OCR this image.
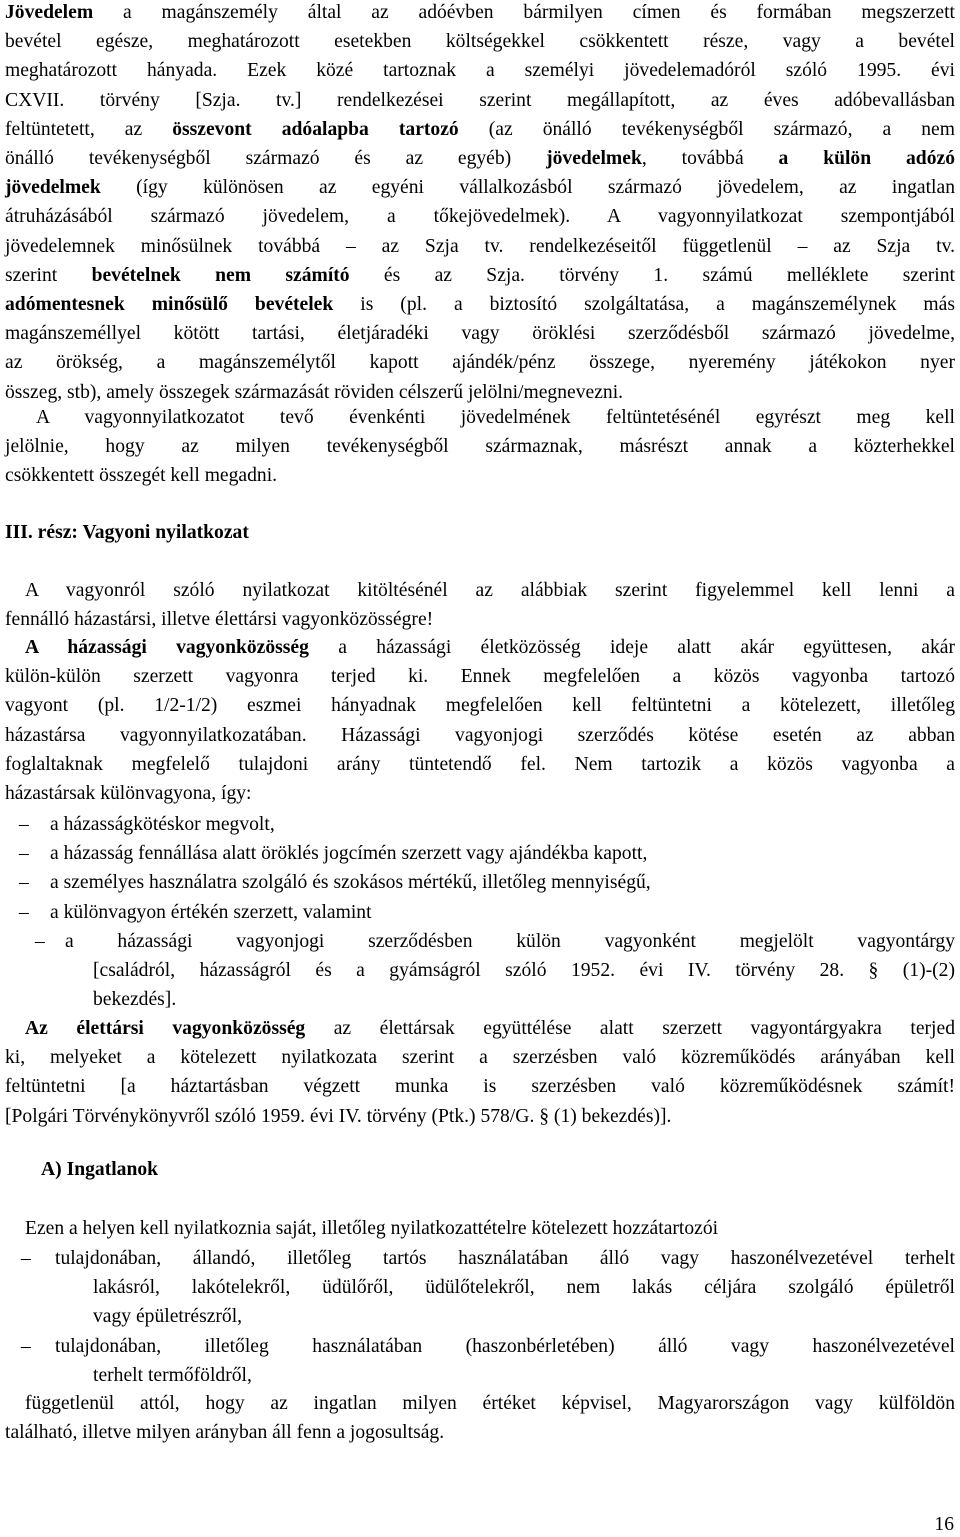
Jövedelem a magánszemély által az adóévben bármilyen címen és formában megszerzett
bevétel egésze, meghatározott esetekben költségekkel csökkentett része, vagy a bevétel
meghatározott hányada. Ezek közé tartoznak a személyi jövedelemadóról szóló 1995. évi
CXVII. törvény [Szja. tv.] rendelkezései szerint megállapított, az éves adóbevallásban
feltüntetett, az összevont adóalapba tartozó (az önálló tevékenységből származó, a nem
önálló tevékenységből származó és az egyéb) jövedelmek, továbbá a külön adózó
jövedelmek (így különösen az egyéni vállalkozásból származó jövedelem, az ingatlan
átruházásából származó jövedelem, a tőkejövedelmek). A vagyonnyilatkozat szempontjából
jövedelemnek minősülnek továbbá – az Szja tv. rendelkezéseitől függetlenül – az Szja tv.
szerint bevételnek nem számító és az Szja. törvény 1. számú melléklete szerint
adómentesnek minősülő bevételek is (pl. a biztosító szolgáltatása, a magánszemélynek más
magánszeméllyel kötött tartási, életjáradéki vagy öröklési szerződésből származó jövedelme,
az örökség, a magánszemélytől kapott ajándék/pénz összege, nyeremény játékokon nyer
összeg, stb), amely összegek származását röviden célszerű jelölni/megnevezni.
A vagyonnyilatkozatot tevő évenkénti jövedelmének feltüntetésénél egyrészt meg kell
jelölnie, hogy az milyen tevékenységből származnak, másrészt annak a közterhekkel
csökkentett összegét kell megadni.
III. rész: Vagyoni nyilatkozat
A vagyonról szóló nyilatkozat kitöltésénél az alábbiak szerint figyelemmel kell lenni a
fennálló házastársi, illetve élettársi vagyonközösségre!
A házassági vagyonközösség a házassági életközösség ideje alatt akár együttesen, akár
külön-külön szerzett vagyonra terjed ki. Ennek megfelelően a közös vagyonba tartozó
vagyont (pl. 1/2-1/2) eszmei hányadnak megfelelően kell feltüntetni a kötelezett, illetőleg
házastársa vagyonnyilatkozatában. Házassági vagyonjogi szerződés kötése esetén az abban
foglaltaknak megfelelő tulajdoni arány tüntetendő fel. Nem tartozik a közös vagyonba a
házastársak különvagyona, így:
– a házasságkötéskor megvolt,
– a házasság fennállása alatt öröklés jogcímén szerzett vagy ajándékba kapott,
– a személyes használatra szolgáló és szokásos mértékű, illetőleg mennyiségű,
– a különvagyon értékén szerzett, valamint
– a házassági vagyonjogi szerződésben külön vagyonként megjelölt vagyontárgy
[családról, házasságról és a gyámságról szóló 1952. évi IV. törvény 28. § (1)-(2)
bekezdés].
Az élettársi vagyonközösség az élettársak együttélése alatt szerzett vagyontárgyakra terjed
ki, melyeket a kötelezett nyilatkozata szerint a szerzésben való közreműködés arányában kell
feltüntetni [a háztartásban végzett munka is szerzésben való közreműködésnek számít!
[Polgári Törvénykönyvről szóló 1959. évi IV. törvény (Ptk.) 578/G. § (1) bekezdés)].
A) Ingatlanok
Ezen a helyen kell nyilatkoznia saját, illetőleg nyilatkozattételre kötelezett hozzátartozói
– tulajdonában, állandó, illetőleg tartós használatában álló vagy haszonélvezetével terhelt
lakásról, lakótelekről, üdülőről, üdülőtelekről, nem lakás céljára szolgáló épületről
vagy épületrészről,
– tulajdonában, illetőleg használatában (haszonbérletében) álló vagy haszonélvezetével
terhelt termőföldről,
függetlenül attól, hogy az ingatlan milyen értéket képvisel, Magyarországon vagy külföldön
található, illetve milyen arányban áll fenn a jogosultság.
16
